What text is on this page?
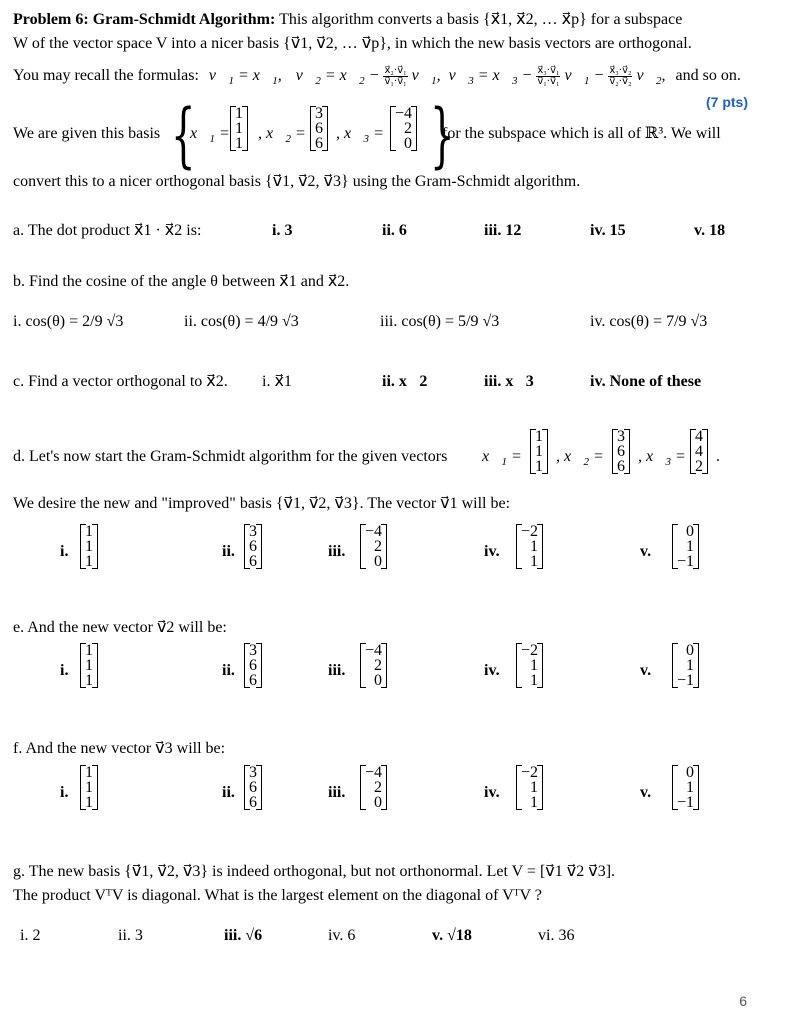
Problem 6: Gram-Schmidt Algorithm: This algorithm converts a basis {x⃗1, x⃗2, … x⃗p} for a subspace
W of the vector space V into a nicer basis {v⃗1, v⃗2, … v⃗p}, in which the new basis vectors are orthogonal.
You may recall the formulas: $v⃗_1$ = $x⃗_1$, $v⃗_2$ = $x⃗_2 - \frac{\text{x⃗₂·v⃗₁}}{\text{v⃗₁·v⃗₁}}$ $v⃗_1$,  $v⃗_3$ = $x⃗_3 - \frac{\text{x⃗₃·v⃗₁}}{\text{v⃗₁·v⃗₁}}$ $v⃗_1 - \frac{\text{x⃗₃·v⃗₂}}{\text{v⃗₂·v⃗₂}}$ $v⃗_2$, and so on.
(7 pts)
We are given this basis {
$x⃗_1$ =
1
1
1
, $x⃗_2$ =
3
6
6
, $x⃗_3$ =
−4
2
0 }
for the subspace which is all of ℝ³. We will
convert this to a nicer orthogonal basis {v⃗1, v⃗2, v⃗3} using the Gram-Schmidt algorithm.
a. The dot product x⃗1 · x⃗2 is:	i. 3	ii. 6	iii. 12	iv. 15	v. 18
b. Find the cosine of the angle θ between x⃗1 and x⃗2.
i. cos(θ) = 2/9 √3	ii. cos(θ) = 4/9 √3	iii. cos(θ) = 5/9 √3	iv. cos(θ) = 7/9 √3
c. Find a vector orthogonal to x⃗2. i. x⃗1	ii. x⃗2	iii. x⃗3	iv. None of these
d. Let's now start the Gram-Schmidt algorithm for the given vectors $x⃗_1$ =
1
1
1
, $x⃗_2$ =
3
6
6
, $x⃗_3$ =
4
4
2
.
We desire the new and "improved" basis {v⃗1, v⃗2, v⃗3}. The vector v⃗1 will be:
i.
1
1
1
ii.
3
6
6
iii.
−4
2
0
iv.
−2
1
1
v.
0
1
−1
e. And the new vector v⃗2 will be:
i.
1
1
1
ii.
3
6
6
iii.
−4
2
0
iv.
−2
1
1
v.
0
1
−1
f. And the new vector v⃗3 will be:
i.
1
1
1
ii.
3
6
6
iii.
−4
2
0
iv.
−2
1
1
v.
0
1
−1
g. The new basis {v⃗1, v⃗2, v⃗3} is indeed orthogonal, but not orthonormal. Let V = [v⃗1 v⃗2 v⃗3].
The product VᵀV is diagonal. What is the largest element on the diagonal of VᵀV ?
i. 2	ii. 3	iii. √6	iv. 6	v. √18	vi. 36
6
